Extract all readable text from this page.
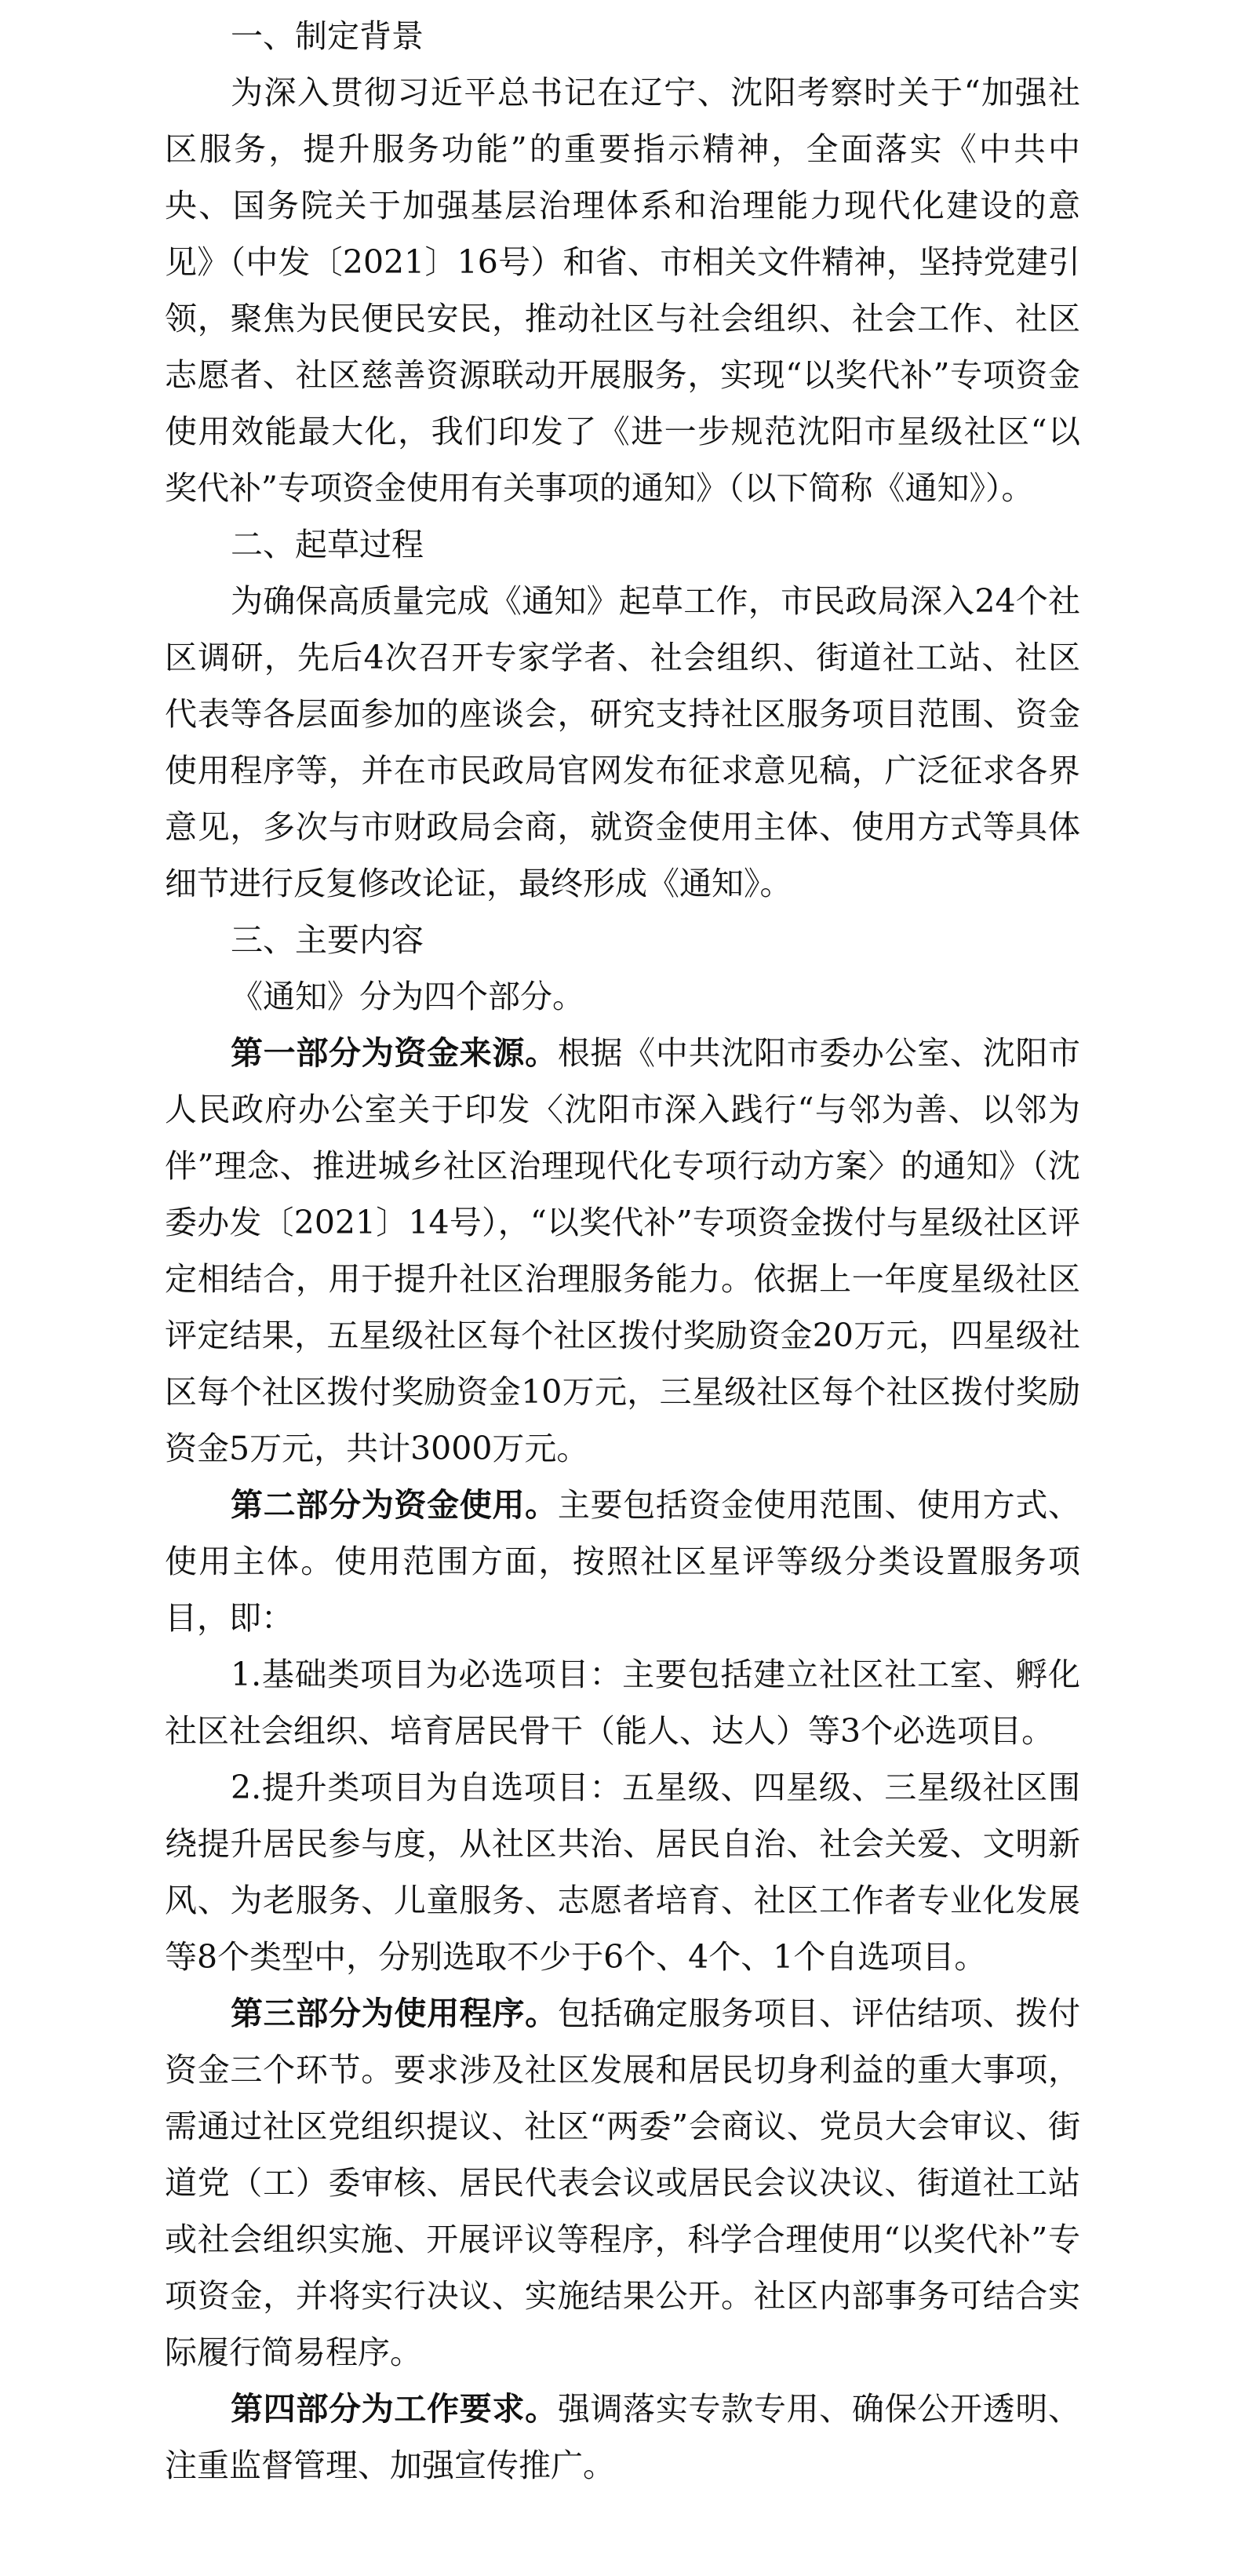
一、制定背景

为深入贯彻习近平总书记在辽宁、沈阳考察时关于“加强社区服务，提升服务功能”的重要指示精神，全面落实《中共中央、国务院关于加强基层治理体系和治理能力现代化建设的意见》（中发〔2021〕16号）和省、市相关文件精神，坚持党建引领，聚焦为民便民安民，推动社区与社会组织、社会工作、社区志愿者、社区慈善资源联动开展服务，实现“以奖代补”专项资金使用效能最大化，我们印发了《进一步规范沈阳市星级社区“以奖代补”专项资金使用有关事项的通知》（以下简称《通知》）。

二、起草过程

为确保高质量完成《通知》起草工作，市民政局深入24个社区调研，先后4次召开专家学者、社会组织、街道社工站、社区代表等各层面参加的座谈会，研究支持社区服务项目范围、资金使用程序等，并在市民政局官网发布征求意见稿，广泛征求各界意见，多次与市财政局会商，就资金使用主体、使用方式等具体细节进行反复修改论证，最终形成《通知》。

三、主要内容

《通知》分为四个部分。

第一部分为资金来源。根据《中共沈阳市委办公室、沈阳市人民政府办公室关于印发〈沈阳市深入践行“与邻为善、以邻为伴”理念、推进城乡社区治理现代化专项行动方案〉的通知》（沈委办发〔2021〕14号），“以奖代补”专项资金拨付与星级社区评定相结合，用于提升社区治理服务能力。依据上一年度星级社区评定结果，五星级社区每个社区拨付奖励资金20万元，四星级社区每个社区拨付奖励资金10万元，三星级社区每个社区拨付奖励资金5万元，共计3000万元。

第二部分为资金使用。主要包括资金使用范围、使用方式、使用主体。使用范围方面，按照社区星评等级分类设置服务项目，即：

1.基础类项目为必选项目：主要包括建立社区社工室、孵化社区社会组织、培育居民骨干（能人、达人）等3个必选项目。

2.提升类项目为自选项目：五星级、四星级、三星级社区围绕提升居民参与度，从社区共治、居民自治、社会关爱、文明新风、为老服务、儿童服务、志愿者培育、社区工作者专业化发展等8个类型中，分别选取不少于6个、4个、1个自选项目。

第三部分为使用程序。包括确定服务项目、评估结项、拨付资金三个环节。要求涉及社区发展和居民切身利益的重大事项，需通过社区党组织提议、社区“两委”会商议、党员大会审议、街道党（工）委审核、居民代表会议或居民会议决议、街道社工站或社会组织实施、开展评议等程序，科学合理使用“以奖代补”专项资金，并将实行决议、实施结果公开。社区内部事务可结合实际履行简易程序。

第四部分为工作要求。强调落实专款专用、确保公开透明、注重监督管理、加强宣传推广。
